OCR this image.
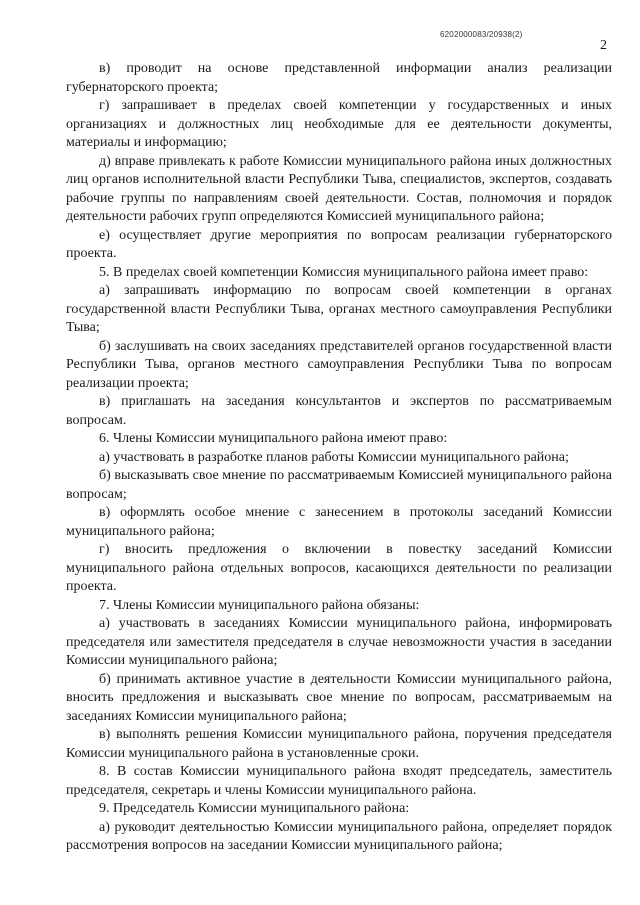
6202000083/20938(2)
2

в) проводит на основе представленной информации анализ реализации губернаторского проекта;

г) запрашивает в пределах своей компетенции у государственных и иных организациях и должностных лиц необходимые для ее деятельности документы, материалы и информацию;

д) вправе привлекать к работе Комиссии муниципального района иных должностных лиц органов исполнительной власти Республики Тыва, специалистов, экспертов, создавать рабочие группы по направлениям своей деятельности. Состав, полномочия и порядок деятельности рабочих групп определяются Комиссией муниципального района;

е) осуществляет другие мероприятия по вопросам реализации губернаторского проекта.

5. В пределах своей компетенции Комиссия муниципального района имеет право:

а) запрашивать информацию по вопросам своей компетенции в органах государственной власти Республики Тыва, органах местного самоуправления Республики Тыва;

б) заслушивать на своих заседаниях представителей органов государственной власти Республики Тыва, органов местного самоуправления Республики Тыва по вопросам реализации проекта;

в) приглашать на заседания консультантов и экспертов по рассматриваемым вопросам.

6. Члены Комиссии муниципального района имеют право:

а) участвовать в разработке планов работы Комиссии муниципального района;

б) высказывать свое мнение по рассматриваемым Комиссией муниципального района вопросам;

в) оформлять особое мнение с занесением в протоколы заседаний Комиссии муниципального района;

г) вносить предложения о включении в повестку заседаний Комиссии муниципального района отдельных вопросов, касающихся деятельности по реализации проекта.

7. Члены Комиссии муниципального района обязаны:

а) участвовать в заседаниях Комиссии муниципального района, информировать председателя или заместителя председателя в случае невозможности участия в заседании Комиссии муниципального района;

б) принимать активное участие в деятельности Комиссии муниципального района, вносить предложения и высказывать свое мнение по вопросам, рассматриваемым на заседаниях Комиссии муниципального района;

в) выполнять решения Комиссии муниципального района, поручения председателя Комиссии муниципального района в установленные сроки.

8. В состав Комиссии муниципального района входят председатель, заместитель председателя, секретарь и члены Комиссии муниципального района.

9. Председатель Комиссии муниципального района:

а) руководит деятельностью Комиссии муниципального района, определяет порядок рассмотрения вопросов на заседании Комиссии муниципального района;
